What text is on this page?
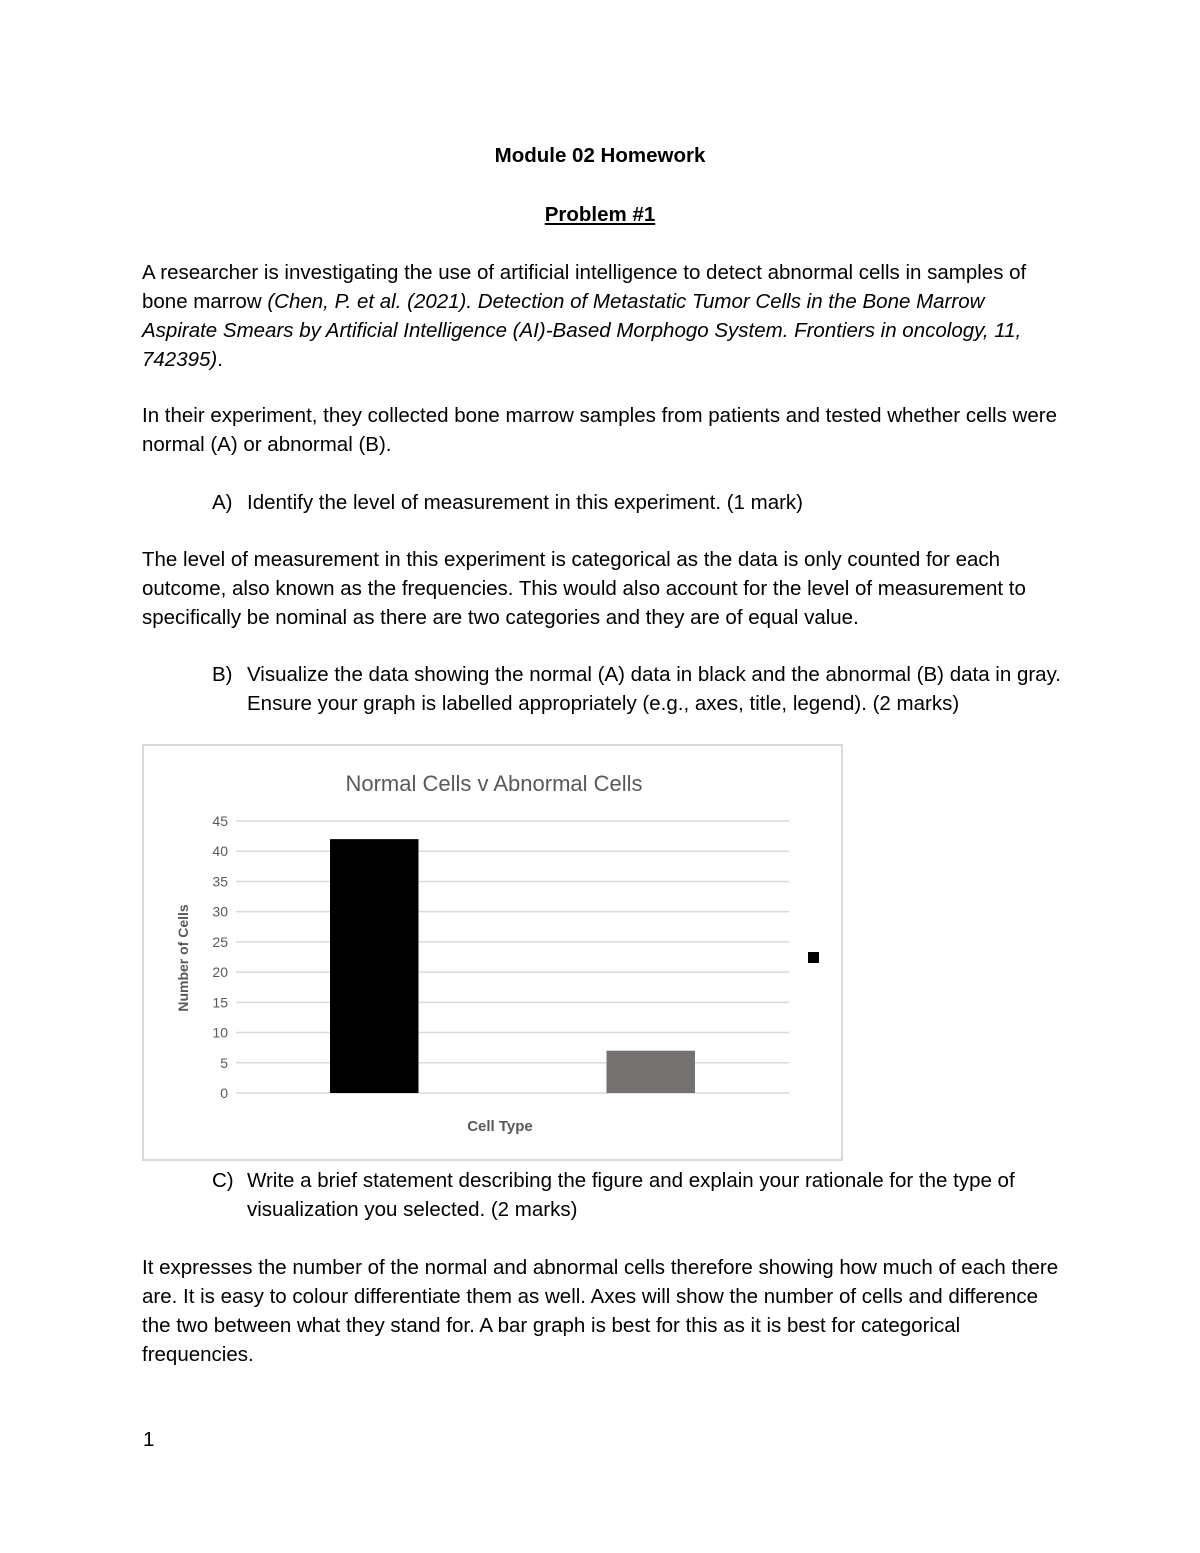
Module 02 Homework

Problem #1

A researcher is investigating the use of artificial intelligence to detect abnormal cells in samples of bone marrow (Chen, P. et al. (2021). Detection of Metastatic Tumor Cells in the Bone Marrow Aspirate Smears by Artificial Intelligence (AI)-Based Morphogo System. Frontiers in oncology, 11, 742395).

In their experiment, they collected bone marrow samples from patients and tested whether cells were normal (A) or abnormal (B).

A) Identify the level of measurement in this experiment. (1 mark)

The level of measurement in this experiment is categorical as the data is only counted for each outcome, also known as the frequencies. This would also account for the level of measurement to specifically be nominal as there are two categories and they are of equal value.

B) Visualize the data showing the normal (A) data in black and the abnormal (B) data in gray. Ensure your graph is labelled appropriately (e.g., axes, title, legend). (2 marks)

Normal Cells v Abnormal Cells
Number of Cells
Cell Type
0
5
10
15
20
25
30
35
40
45

C) Write a brief statement describing the figure and explain your rationale for the type of visualization you selected. (2 marks)

It expresses the number of the normal and abnormal cells therefore showing how much of each there are. It is easy to colour differentiate them as well. Axes will show the number of cells and difference the two between what they stand for. A bar graph is best for this as it is best for categorical frequencies.

1
